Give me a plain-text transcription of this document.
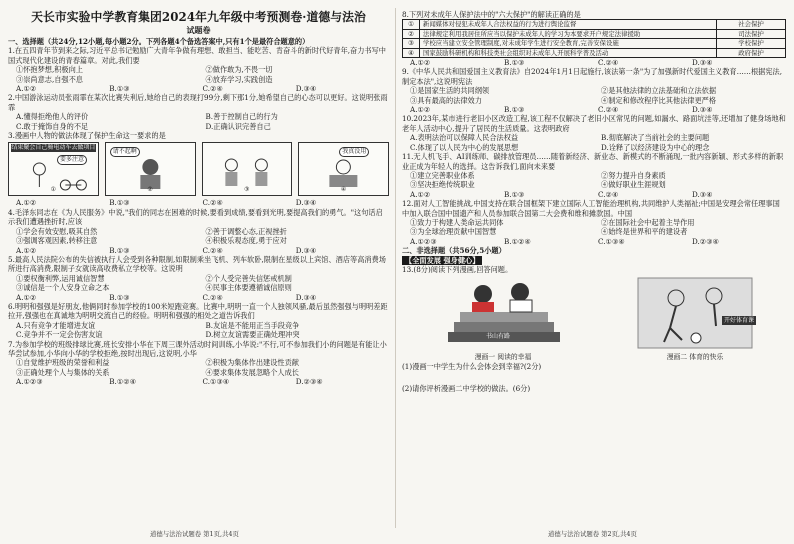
天长市实验中学教育集团2024年九年级中考预测卷·道德与法治
试题卷
一、选择题（共24分,12小题,每小题2分。下列各题4个备选答案中,只有1个是最符合题意的）

1.在五四青年节到来之际,习近平总书记勉励广大青年争做有理想、敢担当、能吃苦、肯奋斗的新时代好青年,奋力书写中国式现代化建设的青春篇章。对此,我们要

①怀抱梦想,积极向上	②做作敢为,不畏一切
③崇尚意志,自强不息	④放弃学习,实践创造
A.①②	B.①③	C.②④	D.③④

2.中国游泳运动员张雨霏在某次比赛失利后,她给自己的表现打99分,剩下那1分,她希望自己的心态可以更好。这说明张雨霏

A.懂得拒绝他人的评价	B.善于控制自己的行为
C.敢于掩饰自身的不足	D.正确认识完善自己

3.漫画中人物的做法体现了保护生命这一要求的是

结束聚会自己骑电动车去做项目
要多注意
①
请不起啊
②	③
我真没用
④
A.①②	B.①③	C.②④	D.③④

4.毛泽东同志在《为人民服务》中说,"我们的同志在困难的时候,要看到成绩,要看到光明,要提高我们的勇气。"这句话启示我们遭遇挫折时,应该

①学会有效安慰,吸其自然	②善于调整心态,正视挫折
③强调客观因素,转移注意	④积极乐观态度,勇于应对
A.①②	B.①③	C.②④	D.③④

5.最高人民法院公布的失信被执行人会受到各种限制,如限制乘坐飞机、列车软卧,限制在星级以上宾馆、酒店等高消费场所进行高消费,限制子女就读高收费私立学校等。这说明

①要权衡利弊,运用诚信智慧	②个人受完善失信惩戒机制
③诚信是一个人安身立命之本	④民事主体要遵循诚信原则
A.①②	B.①③	C.②④	D.③④

6.明明和强强是好朋友,他俩同时参加学校的100米短跑竞赛。比赛中,明明一直一个人独领风骚,最后虽然强强与明明差距拉开,强强也在真诚地为明明交流自己的经验。明明和强强的相处之道告诉我们

A.只有竞争才能增进友谊	B.友谊是不能用正当手段竞争
C.竞争并不一定会伤害友谊	D.树立友谊需要正确处理冲突

7.为参加学校的班级排球比赛,班长安排小华在下周三课外活动时间训练,小华说:"不行,可不参加我们小的问题是有能让小华尝试参加,小华向小华的学校拒绝,按时出现后,这说明,小华

①自觉维护班级的荣誉和利益	②积极为集体作出建设性贡献
③正确处理个人与集体的关系	④要求集体发展忽略个人成长
A.①②③	B.①②④	C.①③④	D.②③④
道德与法治试题卷 第1页,共4页

8.下列对未成年人保护法中的"六大保护"的解读正确的是

①	新闻媒体对侵犯未成年人合法权益的行为进行舆论监督	社会保护
②	法律规定利用我居住所应当以保护未成年人的学习为本要求开户规定法律援助	司法保护
③	学校应当建立安全管理制度,对未成年学生进行安全教育,完善安保设施	学校保护
④	国家鼓励科研机构和科技类社会组织对未成年人开展科学普及活动	政府保护
A.①②	B.①③	C.②④	D.③④

9.《中华人民共和国爱国主义教育法》自2024年1月1日起施行,该法第一条"为了加强新时代爱国主义教育……根据宪法,制定本法",这说明宪法

①是国家生活的共同纲领	②是其他法律的立法基础和立法依据
③具有最高的法律效力	④制定和修改程序比其他法律更严格
A.①②	B.①③	C.②④	D.③④

10.2023年,某市进行老旧小区改造工程,该工程不仅解决了老旧小区常见的问题,如漏水、路面坑洼等,还增加了健身场地和老年人活动中心,提升了居民的生活质量。这表明政府

A.表明法治可以保障人民合法权益	B.彻底解决了当前社会的主要问题
C.体现了以人民为中心的发展思想	D.诠释了以经济建设为中心的理念

11.无人机飞手、AI训练师、碳排放管理员……随着新经济、新业态、新模式的不断涌现,一批内容新颖、形式多样的新职业正成为年轻人的选择。这告诉我们,面向未来要

①建立完善职业体系	②努力提升自身素质
③坚决拒绝传统职业	④做好职业生涯规划
A.①②	B.①③	C.②④	D.③④

12.面对人工智能挑战,中国支持在联合国框架下建立国际人工智能治理机构,共同维护人类福祉;中国是安理会常任理事国中加入联合国中国遗产和人员参加联合国第二大会费和维和摊款国。中国

①致力于构建人类命运共同体	②在国际社会中起着主导作用
③为全球治理贡献中国智慧	④始终是世界和平的建设者
A.①②③	B.①②④	C.①③④	D.②③④
二、非选择题（共56分,5小题）
【全面发展 强身健心】

13.(8分)阅读下列漫画,回答问题。

书山有路
漫画一 阅读的幸福
开好体育课
漫画二 体育的快乐

(1)漫画一中学生为什么会体会到幸福?(2分)

(2)请你评析漫画二中学校的做法。(6分)

道德与法治试题卷 第2页,共4页
